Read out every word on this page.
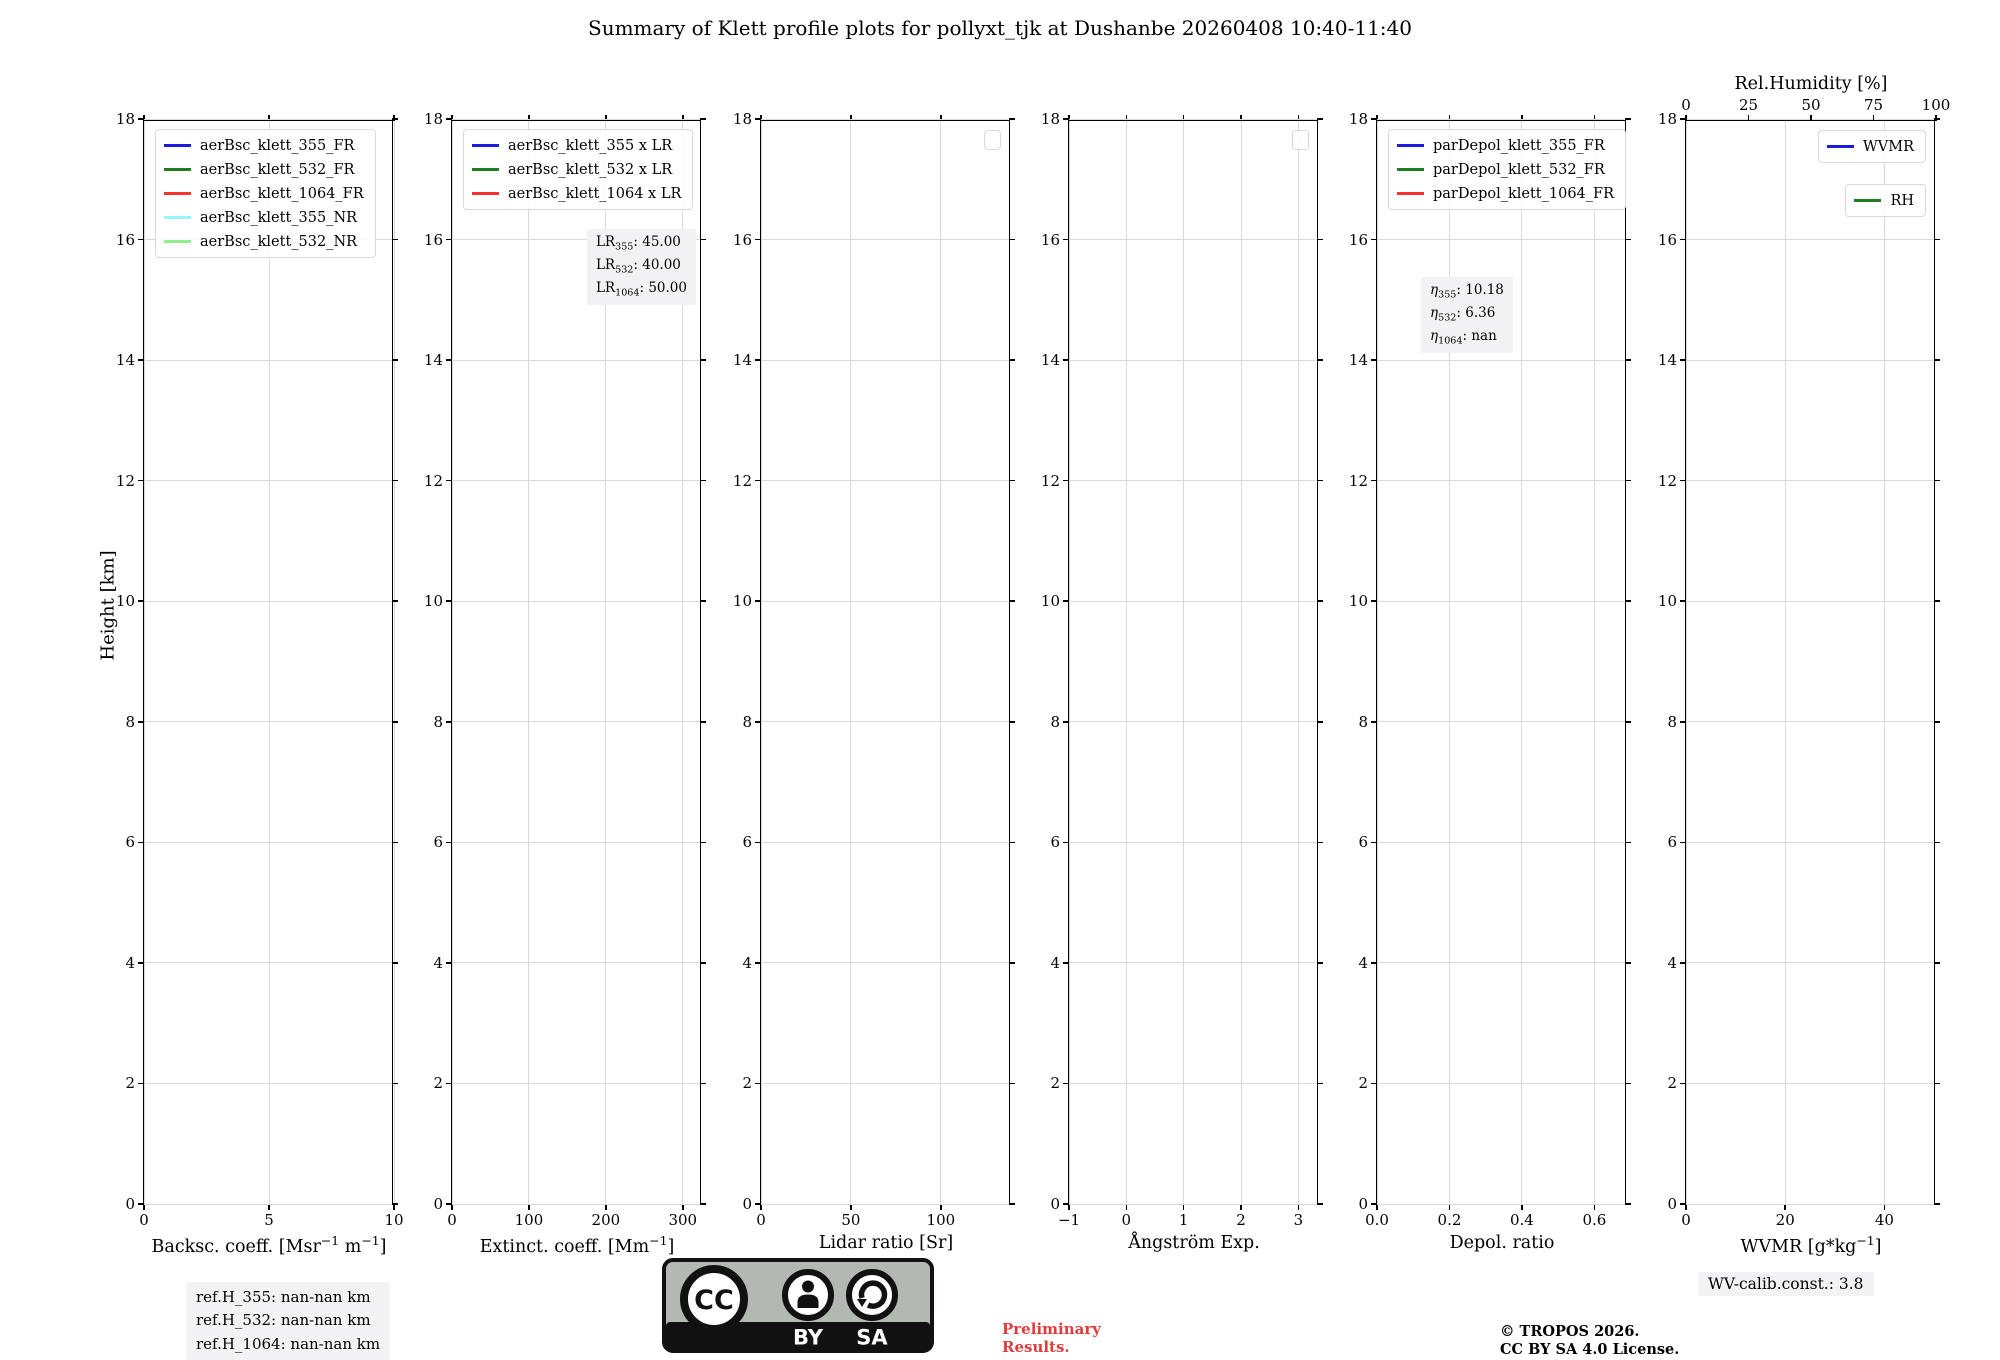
Summary of Klett profile plots for pollyxt_tjk at Dushanbe 20260408 10:40-11:40
Height [km]
0	5	10
0
2
4
6
8
10
12
14
16
18
Backsc. coeff. [Msr$^{-1}$ $m^{-1}$]
aerBsc_klett_355_FR
aerBsc_klett_532_FR
aerBsc_klett_1064_FR
aerBsc_klett_355_NR
aerBsc_klett_532_NR
0	100	200	300
0
2
4
6
8
10
12
14
16
18
Extinct. coeff. $[Mm^{-1}]$
aerBsc_klett_355 x LR
aerBsc_klett_532 x LR
aerBsc_klett_1064 x LR
$LR_{355}$: 45.00
$LR_{532}$: 40.00
$LR_{1064}$: 50.00
0	50	100
0
2
4
6
8
10
12
14
16
18
Lidar ratio [Sr]
−1	0	1	2	3
0
2
4
6
8
10
12
14
16
18
Ångström Exp.
0.0	0.2	0.4	0.6
0
2
4
6
8
10
12
14
16
18
Depol. ratio
parDepol_klett_355_FR
parDepol_klett_532_FR
parDepol_klett_1064_FR
$\eta_{355}$: 10.18
$\eta_{532}$: 6.36
$\eta_{1064}$: nan
0	20	40
0
2
4
6
8
10
12
14
16
18
0	25	50	75	100
Rel.Humidity [%]
WVMR $[g*kg^{-1}]$
WVMR
RH
ref.H_355: nan-nan km
ref.H_532: nan-nan km
ref.H_1064: nan-nan km
CC
BY SA	Preliminary
Results.
© TROPOS 2026.
CC BY SA 4.0 License.
WV-calib.const.: 3.8
